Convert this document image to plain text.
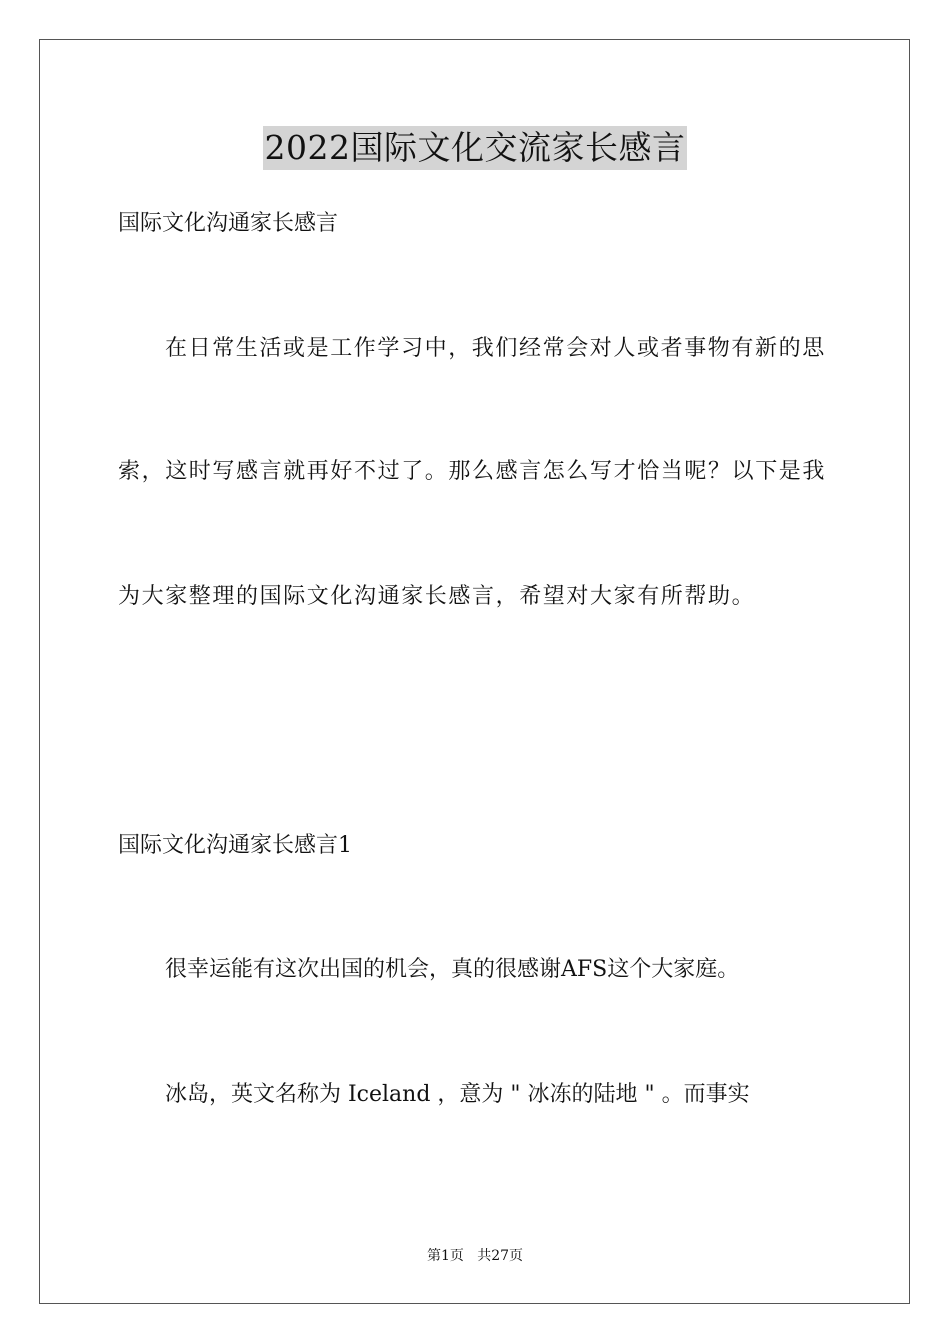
2022国际文化交流家长感言
国际文化沟通家长感言
在日常生活或是工作学习中，我们经常会对人或者事物有新的思
索，这时写感言就再好不过了。那么感言怎么写才恰当呢？以下是我
为大家整理的国际文化沟通家长感言，希望对大家有所帮助。
国际文化沟通家长感言1
很幸运能有这次出国的机会，真的很感谢AFS这个大家庭。
冰岛，英文名称为 Iceland ，意为 " 冰冻的陆地 " 。而事实
第1页   共27页
